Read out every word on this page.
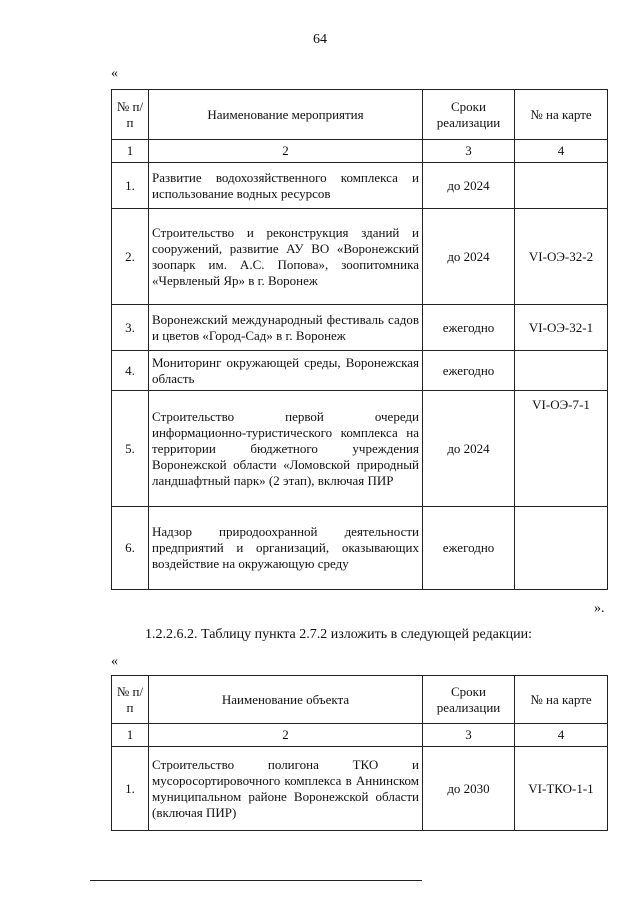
64
«
№ п/п	Наименование мероприятия	Сроки реализации	№ на карте
1	2	3	4
1.	Развитие водохозяйственного комплекса и использование водных ресурсов	до 2024	
2.	Строительство и реконструкция зданий и сооружений, развитие АУ ВО «Воронежский зоопарк им. А.С. Попова», зоопитомника «Червленый Яр» в г. Воронеж	до 2024	VI-ОЭ-32-2
3.	Воронежский международный фестиваль садов и цветов «Город-Сад» в г. Воронеж	ежегодно	VI-ОЭ-32-1
4.	Мониторинг окружающей среды, Воронежская область	ежегодно	
5.	Строительство первой очереди информационно-туристического комплекса на территории бюджетного учреждения Воронежской области «Ломовской природный ландшафтный парк» (2 этап), включая ПИР	до 2024	VI-ОЭ-7-1
6.	Надзор природоохранной деятельности предприятий и организаций, оказывающих воздействие на окружающую среду	ежегодно	
».
1.2.2.6.2. Таблицу пункта 2.7.2 изложить в следующей редакции:
«
№ п/п	Наименование объекта	Сроки реализации	№ на карте
1	2	3	4
1.	Строительство полигона ТКО и мусоросортировочного комплекса в Аннинском муниципальном районе Воронежской области (включая ПИР)	до 2030	VI-ТКО-1-1
